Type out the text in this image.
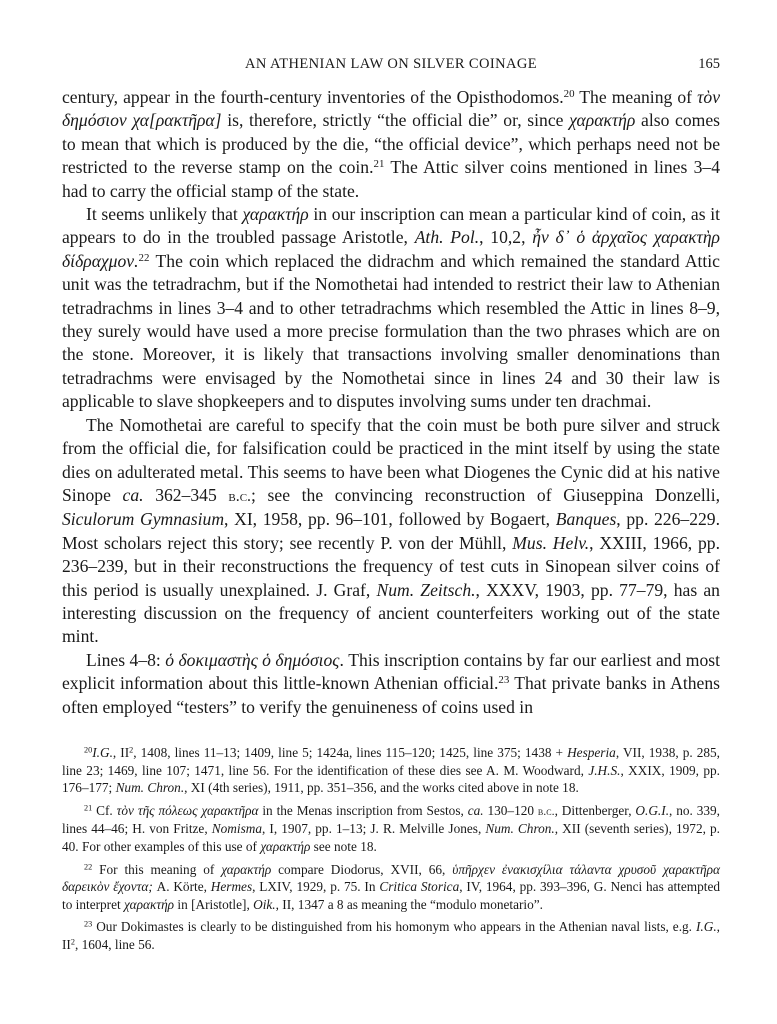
AN ATHENIAN LAW ON SILVER COINAGE	165

century, appear in the fourth-century inventories of the Opisthodomos.$^{20}$ The meaning of τὸν δημόσιον χα[ρακτῆρα] is, therefore, strictly “the official die” or, since χαρακτήρ also comes to mean that which is produced by the die, “the official device”, which perhaps need not be restricted to the reverse stamp on the coin.$^{21}$ The Attic silver coins mentioned in lines 3–4 had to carry the official stamp of the state.

It seems unlikely that χαρακτήρ in our inscription can mean a particular kind of coin, as it appears to do in the troubled passage Aristotle, Ath. Pol., 10,2, ἦν δ᾽ ὁ ἀρχαῖος χαρακτὴρ δίδραχμον.$^{22}$ The coin which replaced the didrachm and which remained the standard Attic unit was the tetradrachm, but if the Nomothetai had intended to restrict their law to Athenian tetradrachms in lines 3–4 and to other tetradrachms which resembled the Attic in lines 8–9, they surely would have used a more precise formulation than the two phrases which are on the stone. Moreover, it is likely that transactions involving smaller denominations than tetradrachms were envisaged by the Nomothetai since in lines 24 and 30 their law is applicable to slave shopkeepers and to disputes involving sums under ten drachmai.

The Nomothetai are careful to specify that the coin must be both pure silver and struck from the official die, for falsification could be practiced in the mint itself by using the state dies on adulterated metal. This seems to have been what Diogenes the Cynic did at his native Sinope ca. 362–345 b.c.; see the convincing reconstruction of Giuseppina Donzelli, Siculorum Gymnasium, XI, 1958, pp. 96–101, followed by Bogaert, Banques, pp. 226–229. Most scholars reject this story; see recently P. von der Mühll, Mus. Helv., XXIII, 1966, pp. 236–239, but in their reconstructions the frequency of test cuts in Sinopean silver coins of this period is usually unexplained. J. Graf, Num. Zeitsch., XXXV, 1903, pp. 77–79, has an interesting discussion on the frequency of ancient counterfeiters working out of the state mint.

Lines 4–8: ὁ δοκιμαστὴς ὁ δημόσιος. This inscription contains by far our earliest and most explicit information about this little-known Athenian official.$^{23}$ That private banks in Athens often employed “testers” to verify the genuineness of coins used in

$^{20}$I.G., $II^2$, 1408, lines 11–13; 1409, line 5; 1424a, lines 115–120; 1425, line 375; 1438 + Hesperia, VII, 1938, p. 285, line 23; 1469, line 107; 1471, line 56. For the identification of these dies see A. M. Woodward, J.H.S., XXIX, 1909, pp. 176–177; Num. Chron., XI (4th series), 1911, pp. 351–356, and the works cited above in note 18.

$^{21}$ Cf. τὸν τῆς πόλεως χαρακτῆρα in the Menas inscription from Sestos, ca. 130–120 b.c., Dittenberger, O.G.I., no. 339, lines 44–46; H. von Fritze, Nomisma, I, 1907, pp. 1–13; J. R. Melville Jones, Num. Chron., XII (seventh series), 1972, p. 40. For other examples of this use of χαρακτήρ see note 18.

$^{22}$ For this meaning of χαρακτήρ compare Diodorus, XVII, 66, ὑπῆρχεν ἐνακισχίλια τάλαντα χρυσοῦ χαρακτῆρα δαρεικὸν ἔχοντα; A. Körte, Hermes, LXIV, 1929, p. 75. In Critica Storica, IV, 1964, pp. 393–396, G. Nenci has attempted to interpret χαρακτήρ in [Aristotle], Oik., II, 1347 a 8 as meaning the “modulo monetario”.

$^{23}$ Our Dokimastes is clearly to be distinguished from his homonym who appears in the Athenian naval lists, e.g. I.G., $II^2$, 1604, line 56.
